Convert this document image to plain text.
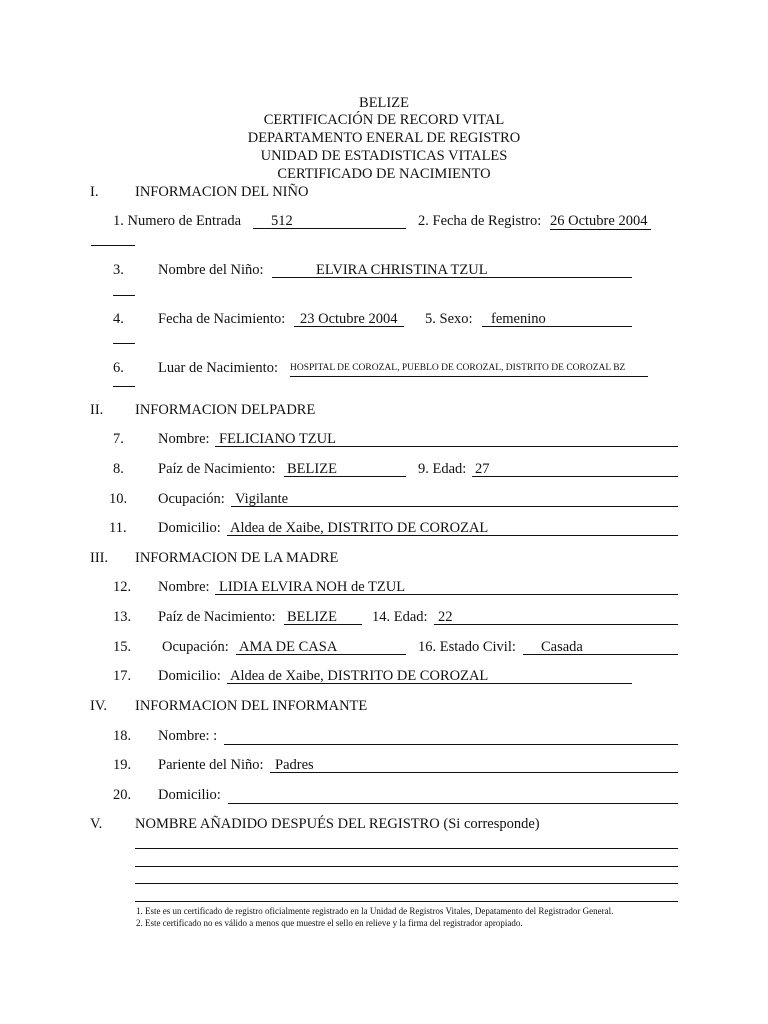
BELIZE
CERTIFICACIÓN DE RECORD VITAL
DEPARTAMENTO ENERAL DE REGISTRO
UNIDAD DE ESTADISTICAS VITALES
CERTIFICADO DE NACIMIENTO
I.	INFORMACION DEL NIÑO
1. Numero de Entrada	512	2. Fecha de Registro: 26 Octubre 2004
3. Nombre del Niño:	ELVIRA CHRISTINA TZUL
4. Fecha de Nacimiento:	23 Octubre 2004	5. Sexo:	femenino
6. Luar de Nacimiento: HOSPITAL DE COROZAL, PUEBLO DE COROZAL, DISTRITO DE COROZAL BZ
II. INFORMACION DELPADRE
7. Nombre: FELICIANO TZUL
8. Paíz de Nacimiento: BELIZE	9. Edad: 27
10. Ocupación: Vigilante
11. Domicilio: Aldea de Xaibe, DISTRITO DE COROZAL
III. INFORMACION DE LA MADRE
12. Nombre: LIDIA ELVIRA NOH de TZUL
13. Paíz de Nacimiento: BELIZE	14. Edad: 22
15. Ocupación: AMA DE CASA	16. Estado Civil:	Casada
17. Domicilio: Aldea de Xaibe, DISTRITO DE COROZAL
IV. INFORMACION DEL INFORMANTE
18. Nombre: :
19. Pariente del Niño: Padres
20. Domicilio:
V. NOMBRE AÑADIDO DESPUÉS DEL REGISTRO (Si corresponde)
1. Este es un certificado de registro oficialmente registrado en la Unidad de Registros Vitales, Depatamento del Registrador General.
2. Este certificado no es válido a menos que muestre el sello en relieve y la firma del registrador apropiado.
